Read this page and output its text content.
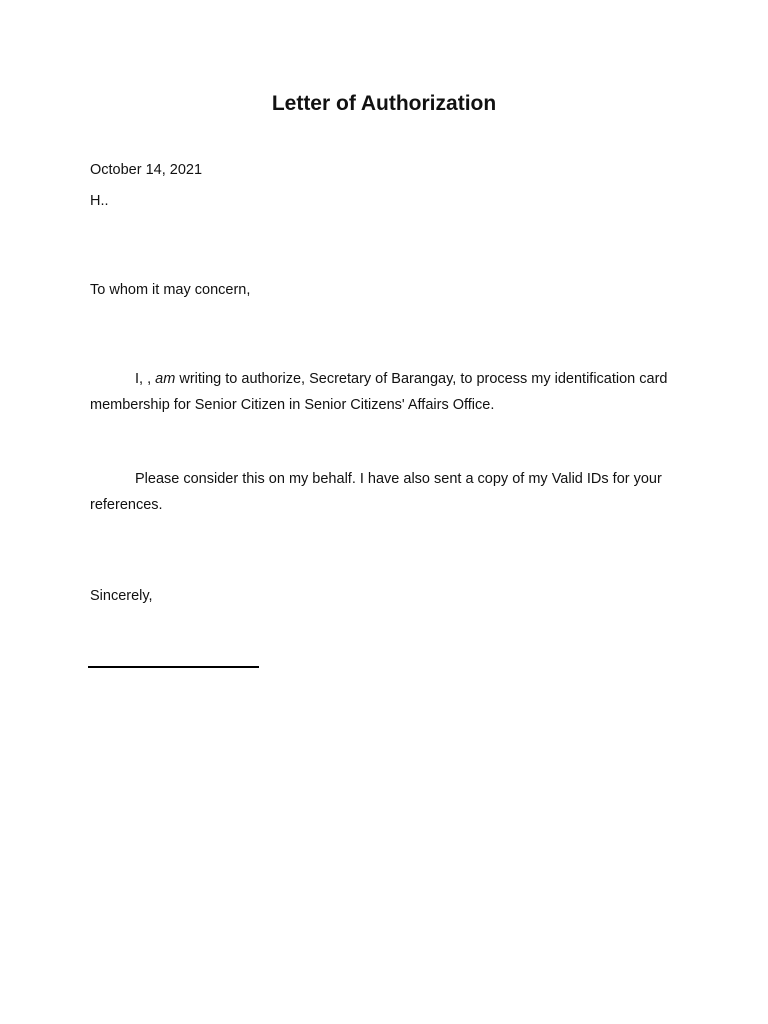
Letter of Authorization

October 14, 2021

H..

To whom it may concern,

I, , am writing to authorize, Secretary of Barangay, to process my identification card membership for Senior Citizen in Senior Citizens' Affairs Office.

Please consider this on my behalf. I have also sent a copy of my Valid IDs for your references.

Sincerely,
